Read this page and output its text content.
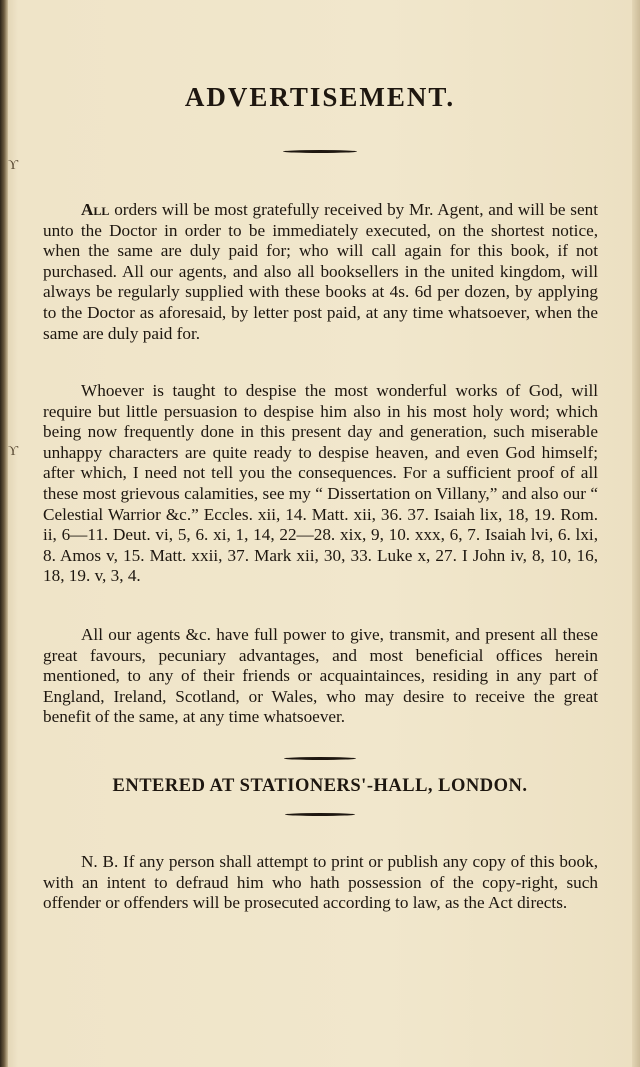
ϒ
ϒ
ADVERTISEMENT.

All orders will be most gratefully received by Mr. Agent, and will be sent unto the Doctor in order to be immediately executed, on the shortest notice, when the same are duly paid for; who will call again for this book, if not purchased. All our agents, and also all booksellers in the united kingdom, will always be regularly supplied with these books at 4s. 6d per dozen, by applying to the Doctor as aforesaid, by letter post paid, at any time whatsoever, when the same are duly paid for.

Whoever is taught to despise the most wonderful works of God, will require but little persuasion to despise him also in his most holy word; which being now frequently done in this present day and generation, such miserable unhappy characters are quite ready to despise heaven, and even God himself; after which, I need not tell you the consequences. For a sufficient proof of all these most grievous calamities, see my “ Dissertation on Villany,” and also our “ Celestial Warrior &c.” Eccles. xii, 14. Matt. xii, 36. 37. Isaiah lix, 18, 19. Rom. ii, 6—11. Deut. vi, 5, 6. xi, 1, 14, 22—28. xix, 9, 10. xxx, 6, 7. Isaiah lvi, 6. lxi, 8. Amos v, 15. Matt. xxii, 37. Mark xii, 30, 33. Luke x, 27. I John iv, 8, 10, 16, 18, 19. v, 3, 4.

All our agents &c. have full power to give, transmit, and present all these great favours, pecuniary advantages, and most beneficial offices herein mentioned, to any of their friends or acquaintainces, residing in any part of England, Ireland, Scotland, or Wales, who may desire to receive the great benefit of the same, at any time whatsoever.

ENTERED AT STATIONERS'-HALL, LONDON.

N. B. If any person shall attempt to print or publish any copy of this book, with an intent to defraud him who hath possession of the copy-right, such offender or offenders will be prosecuted according to law, as the Act directs.
